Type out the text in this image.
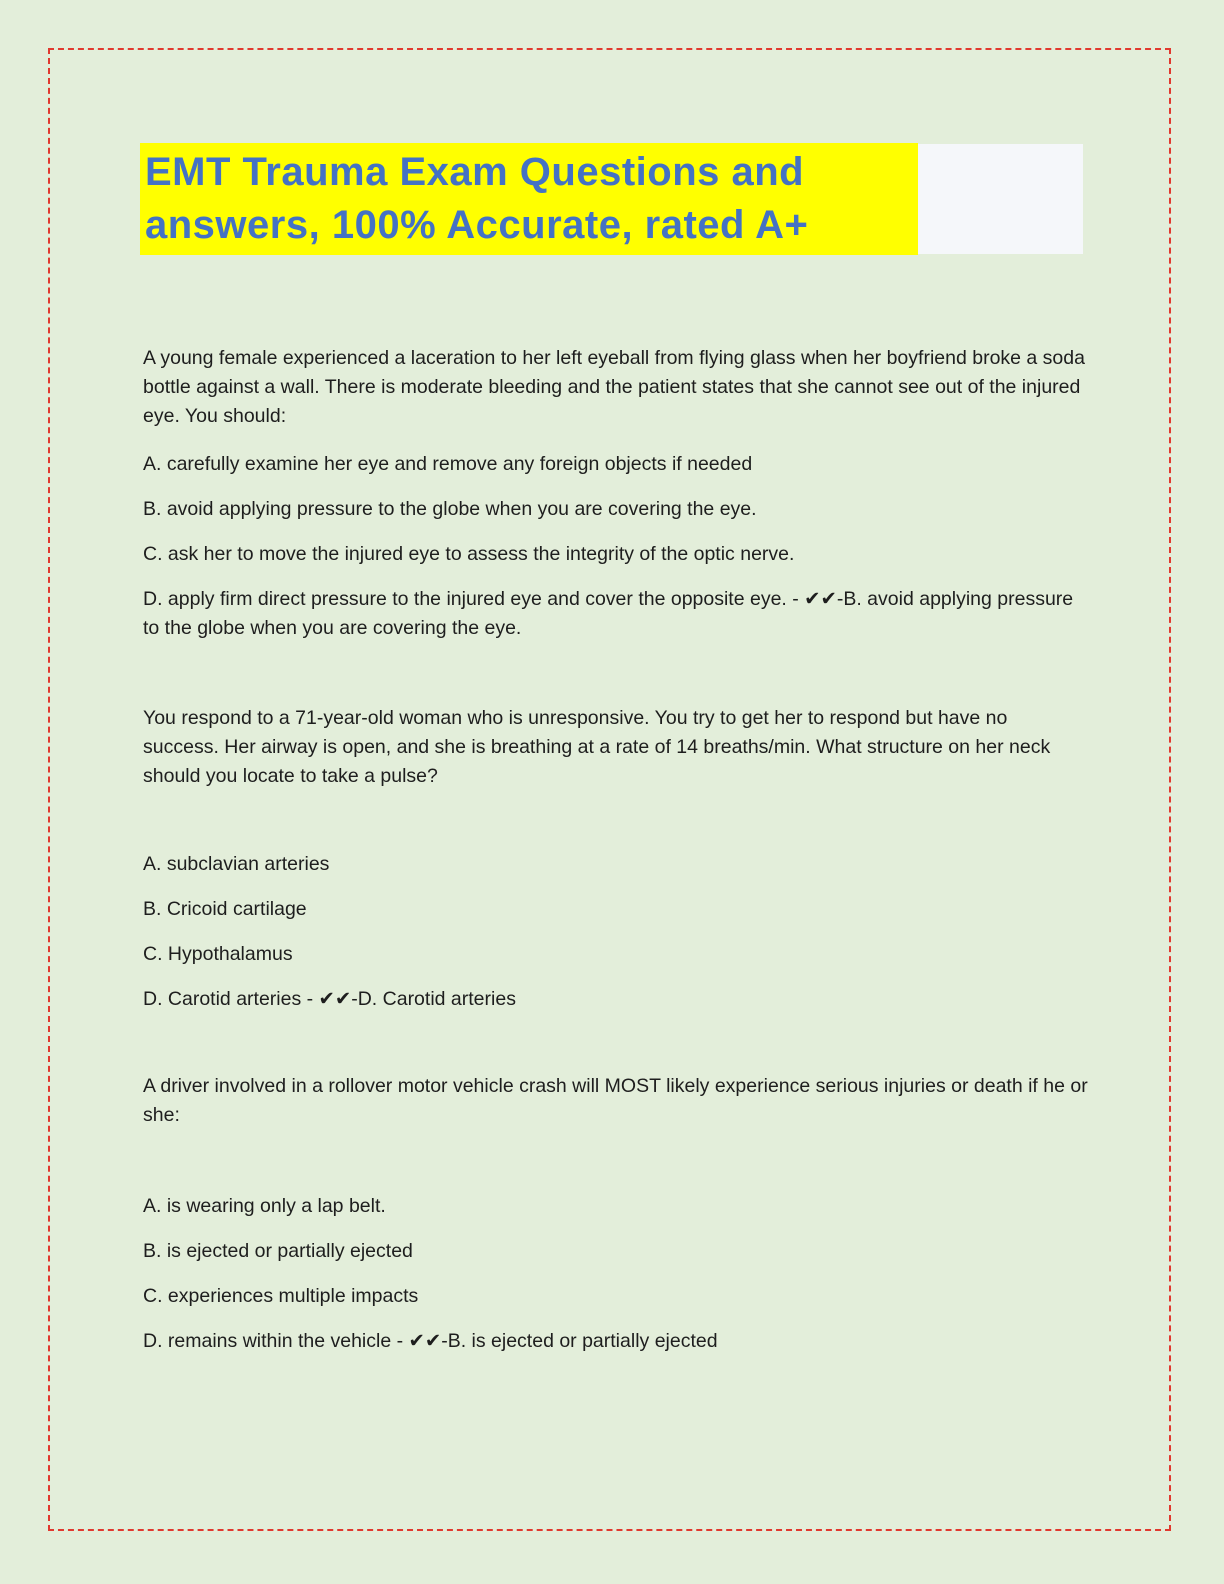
EMT Trauma Exam Questions and
answers, 100% Accurate, rated A+

A young female experienced a laceration to her left eyeball from flying glass when her boyfriend broke a soda bottle against a wall. There is moderate bleeding and the patient states that she cannot see out of the injured eye. You should:

A. carefully examine her eye and remove any foreign objects if needed

B. avoid applying pressure to the globe when you are covering the eye.

C. ask her to move the injured eye to assess the integrity of the optic nerve.

D. apply firm direct pressure to the injured eye and cover the opposite eye. - ✔✔-B. avoid applying pressure to the globe when you are covering the eye.

You respond to a 71-year-old woman who is unresponsive. You try to get her to respond but have no success. Her airway is open, and she is breathing at a rate of 14 breaths/min. What structure on her neck should you locate to take a pulse?

A. subclavian arteries

B. Cricoid cartilage

C. Hypothalamus

D. Carotid arteries - ✔✔-D. Carotid arteries

A driver involved in a rollover motor vehicle crash will MOST likely experience serious injuries or death if he or she:

A. is wearing only a lap belt.

B. is ejected or partially ejected

C. experiences multiple impacts

D. remains within the vehicle - ✔✔-B. is ejected or partially ejected
